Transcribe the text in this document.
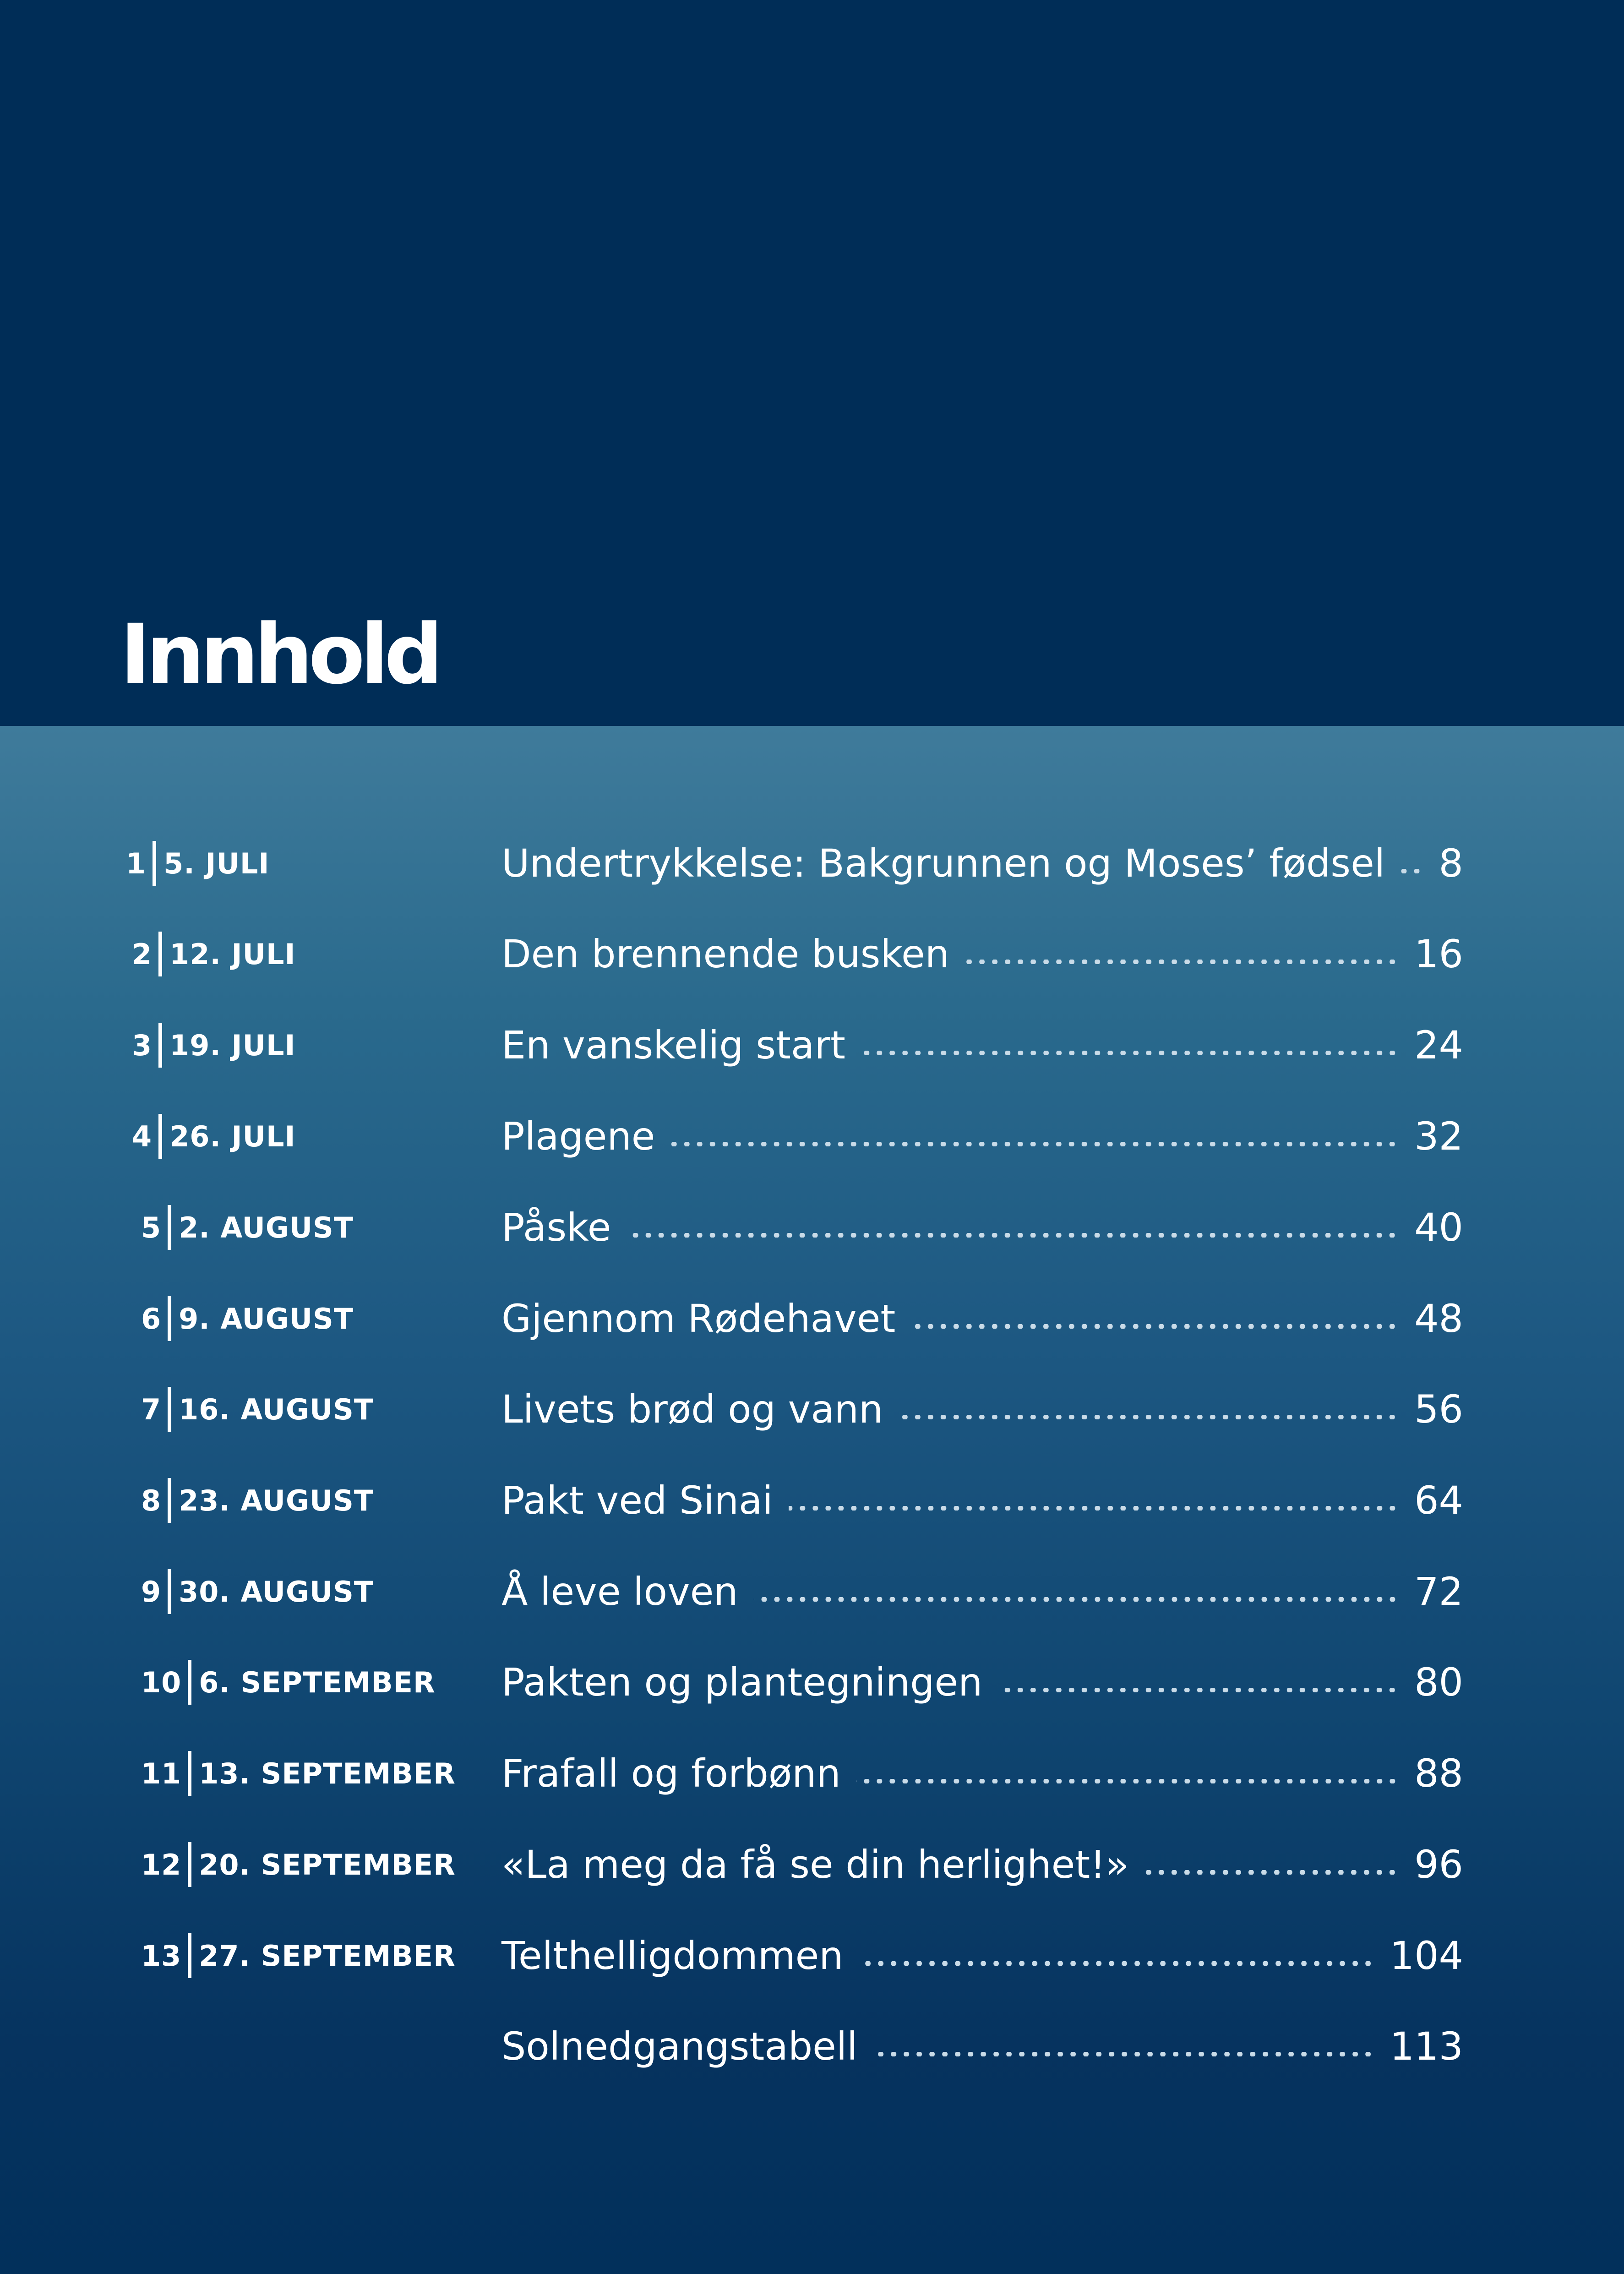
Innhold
1 5. JULI	Undertrykkelse: Bakgrunnen og Moses’ fødsel 8
2 12. JULI	Den brennende busken	16
3 19. JULI	En vanskelig start	24
4 26. JULI	Plagene	32
5 2. AUGUST	Påske	40
6 9. AUGUST	Gjennom Rødehavet	48
7 16. AUGUST	Livets brød og vann	56
8 23. AUGUST	Pakt ved Sinai	64
9 30. AUGUST	Å leve loven	72
10 6. SEPTEMBER Pakten og plantegningen	80
11 13. SEPTEMBER Frafall og forbønn	88
12 20. SEPTEMBER «La meg da få se din herlighet!»	96
13 27. SEPTEMBER Telthelligdommen	104
Solnedgangstabell	113
